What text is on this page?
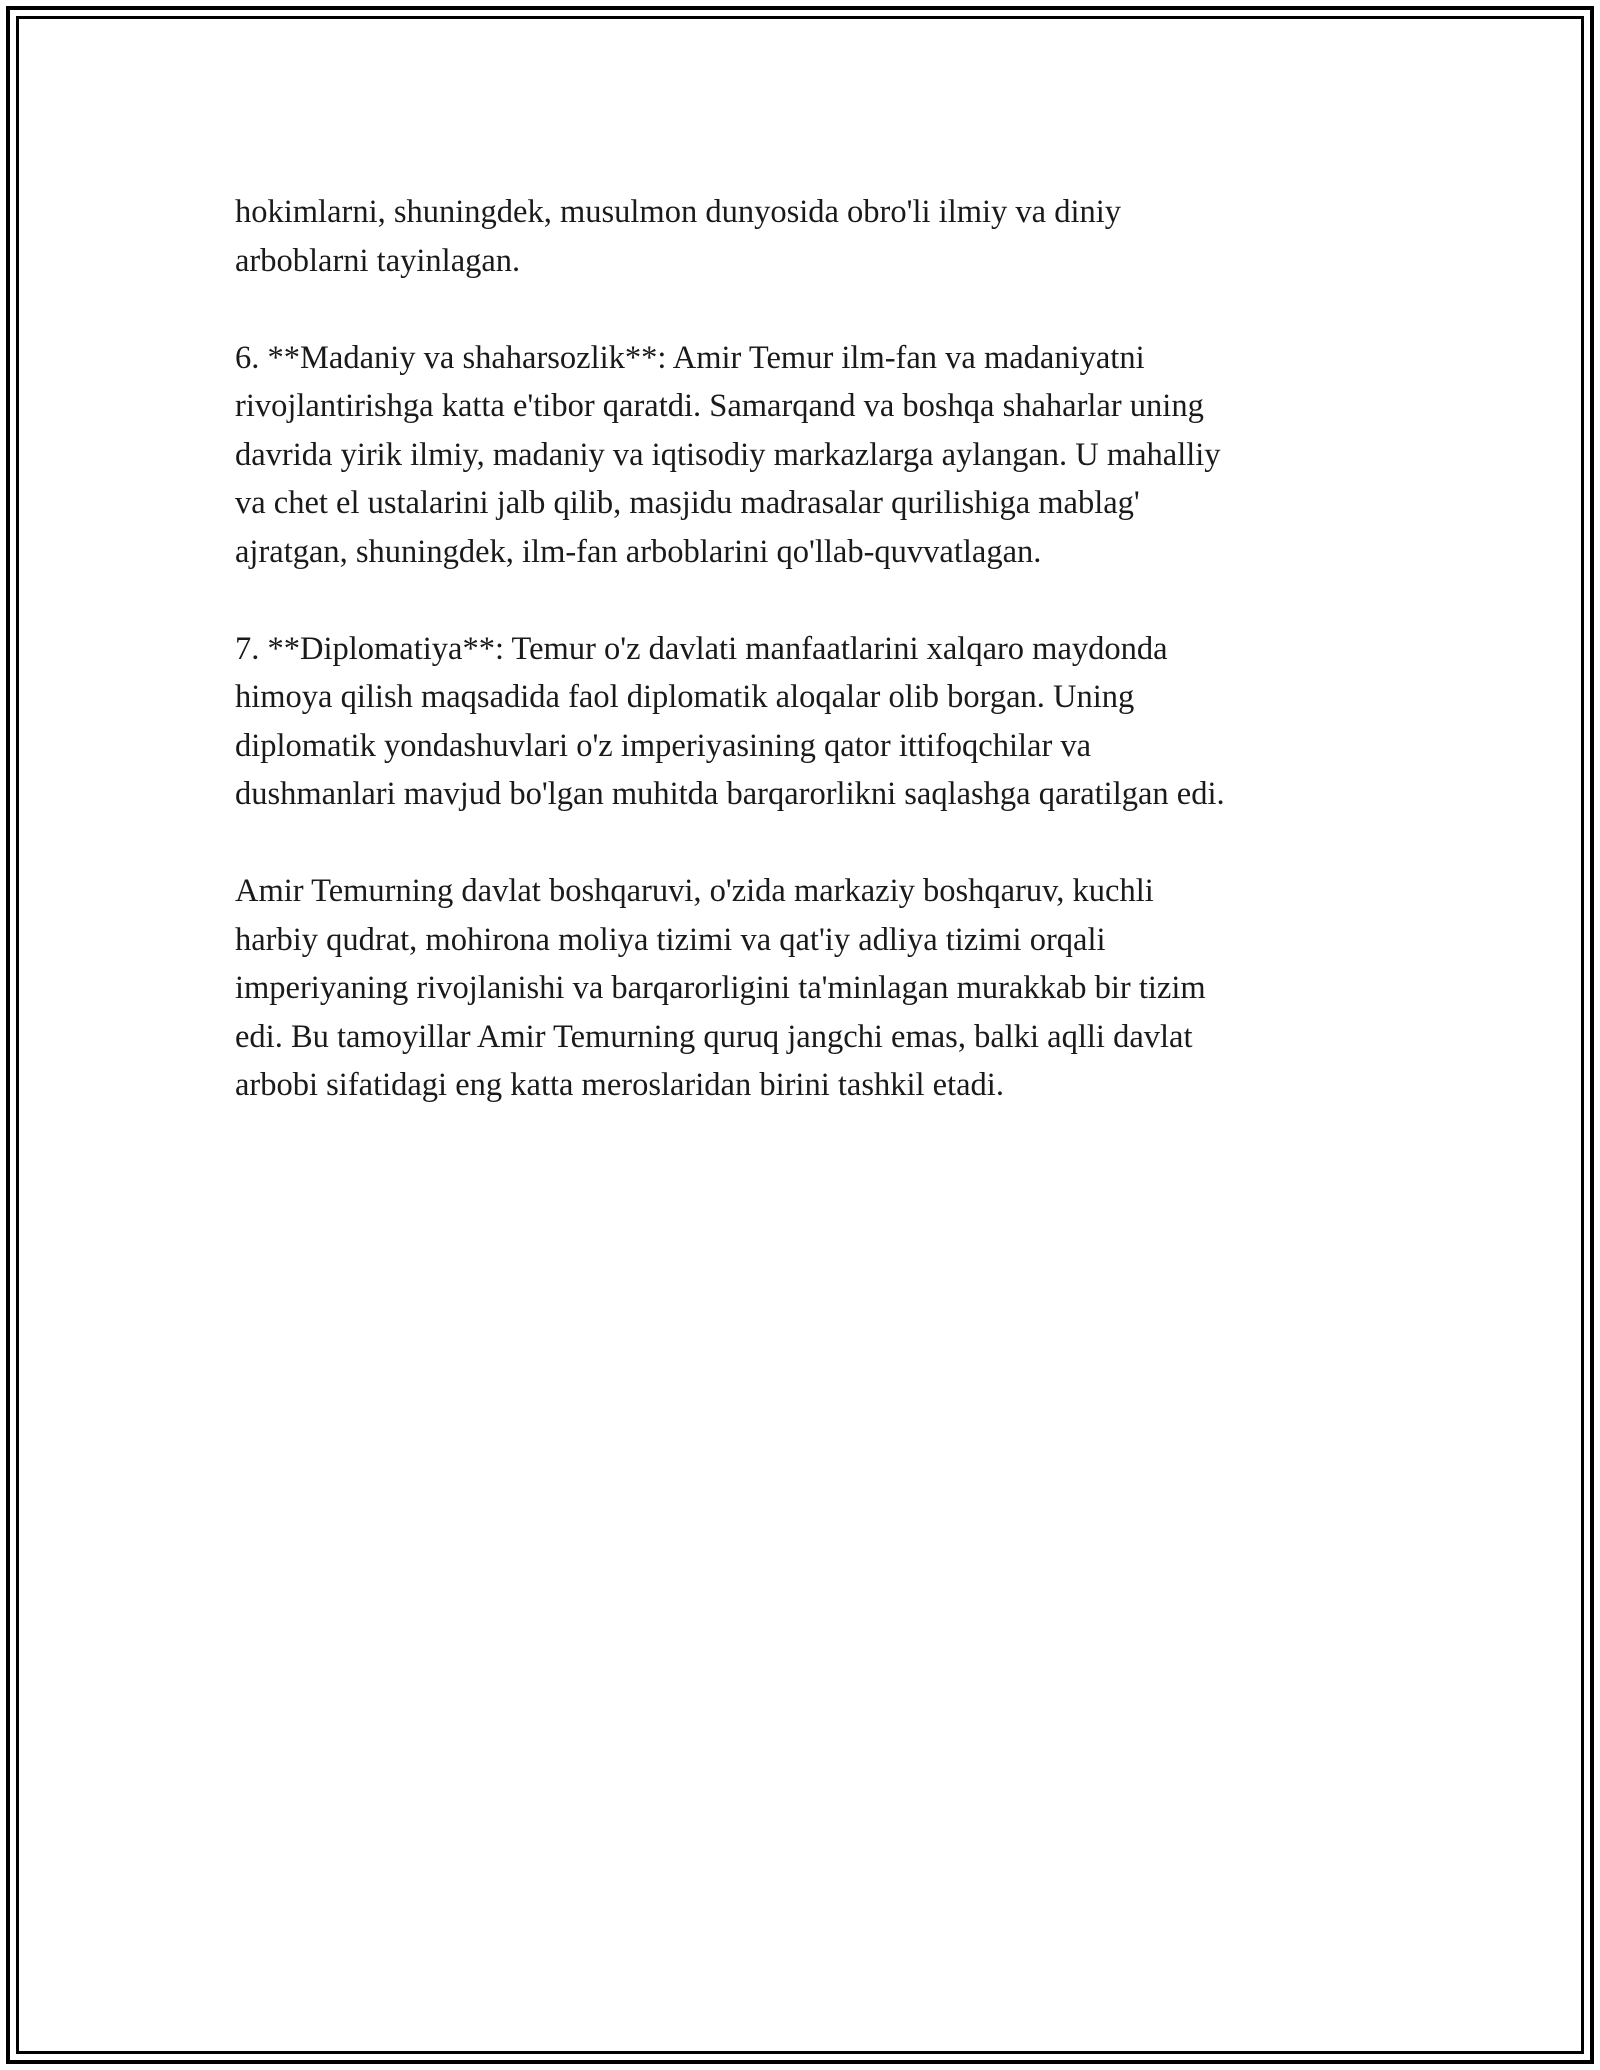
hokimlarni, shuningdek, musulmon dunyosida obro'li ilmiy va diniy
arboblarni tayinlagan.

6. **Madaniy va shaharsozlik**: Amir Temur ilm-fan va madaniyatni
rivojlantirishga katta e'tibor qaratdi. Samarqand va boshqa shaharlar uning
davrida yirik ilmiy, madaniy va iqtisodiy markazlarga aylangan. U mahalliy
va chet el ustalarini jalb qilib, masjidu madrasalar qurilishiga mablag'
ajratgan, shuningdek, ilm-fan arboblarini qo'llab-quvvatlagan.

7. **Diplomatiya**: Temur o'z davlati manfaatlarini xalqaro maydonda
himoya qilish maqsadida faol diplomatik aloqalar olib borgan. Uning
diplomatik yondashuvlari o'z imperiyasining qator ittifoqchilar va
dushmanlari mavjud bo'lgan muhitda barqarorlikni saqlashga qaratilgan edi.

Amir Temurning davlat boshqaruvi, o'zida markaziy boshqaruv, kuchli
harbiy qudrat, mohirona moliya tizimi va qat'iy adliya tizimi orqali
imperiyaning rivojlanishi va barqarorligini ta'minlagan murakkab bir tizim
edi. Bu tamoyillar Amir Temurning quruq jangchi emas, balki aqlli davlat
arbobi sifatidagi eng katta meroslaridan birini tashkil etadi.
